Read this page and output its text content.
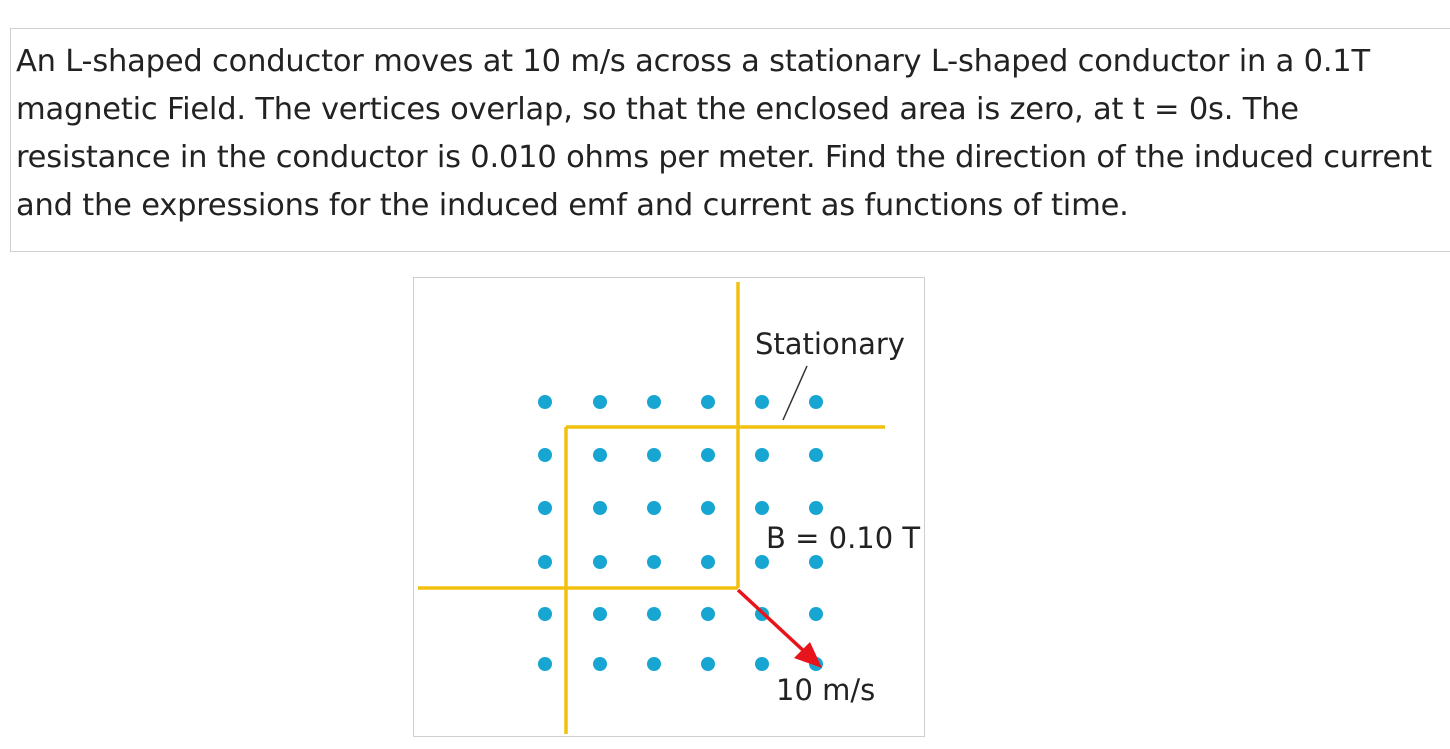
An L-shaped conductor moves at 10 m/s across a stationary L-shaped conductor in a 0.1T magnetic Field. The vertices overlap, so that the enclosed area is zero, at t = 0s. The resistance in the conductor is 0.010 ohms per meter. Find the direction of the induced current and the expressions for the induced emf and current as functions of time.

Stationary
B = 0.10 T
10 m/s
